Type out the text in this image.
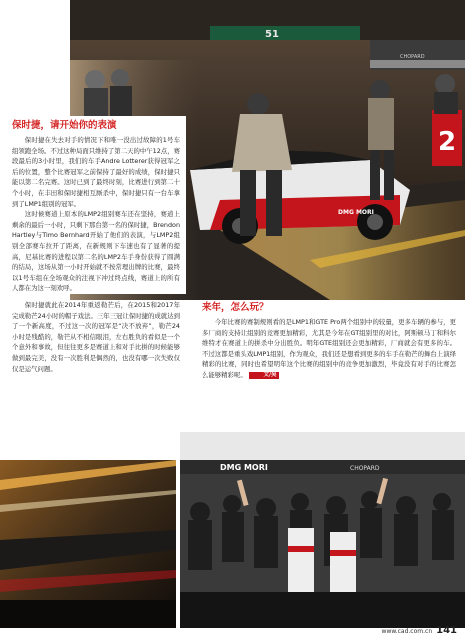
51
DMG MORI
2
CHOPARD
保时捷，请开始你的表演

保时捷在失去对手的情况下和唯一没出过故障的1号车组领跑全场。不过这种局面只维持了第二天的中午12点，赛段最后的3小时里，我们的车手Andre Lotterer获得冠军之后的位置，整个比赛冠军之前保持了最好的成绩，保时捷只能以第二名完赛。这时已到了最终时刻，比赛进行到第二十个小时，在丰田和保时捷相互厮杀中，保时捷只有一台车拿到了LMP1组别的冠军。

这时候赛道上原本的LMP2组别赛车还在坚持，赛道上剩余的最后一小时，只剩下那台第一名的保时捷，Brendon Hartley与Timo Bernhard开始了他们的表演，与LMP2组别全部赛车拉开了距离，在新规则下车速也有了显著的提高，尼基比赛的进程以第二名的LMP2车手身份获得了圆满的结局，这场从第一小时开始就不按常理出牌的比赛，最终以1号车组在全场观众的注视下冲过终点线，赛道上的所有人都在为这一刻欢呼。

保时捷就此在2014年重返勒芒后，在2015和2017年完成勒芒24小时的帽子戏法。三年三冠让保时捷的成就达到了一个新高度，不过这一次的冠军是“决不放弃”，勒芒24小时是残酷的，勒芒从不相信眼泪，左右胜负的看似是一个个意外和事故，但往往更多是赛道上和对手比拼的时候能够做到最完美，没有一次胜利是偶然的，也没有哪一次失败仅仅是运气问题。

来年，怎么玩？

今年比赛的赛制规则看的是LMP1和GTE Pro两个组别中的较量，更多车辆的参与，更多厂商的支持让组别的竞赛更加精彩，尤其是今年在GT组别里的对比，阿斯顿马丁和科尔维特才在赛道上的拼杀中分出胜负。明年GTE组别还会更加精彩，厂商就会有更多的车。不过这都是重头戏LMP1组别，作为观众，我们还是想看到更多的车手在勒芒的舞台上演绎精彩的比赛，同时也希望明年这个比赛的组别中的竞争更加激烈，毕竟没有对手的比赛怎么能够精彩呢。	文/吴

DMG MORI	CHOPARD
www.cad.com.cn 141
